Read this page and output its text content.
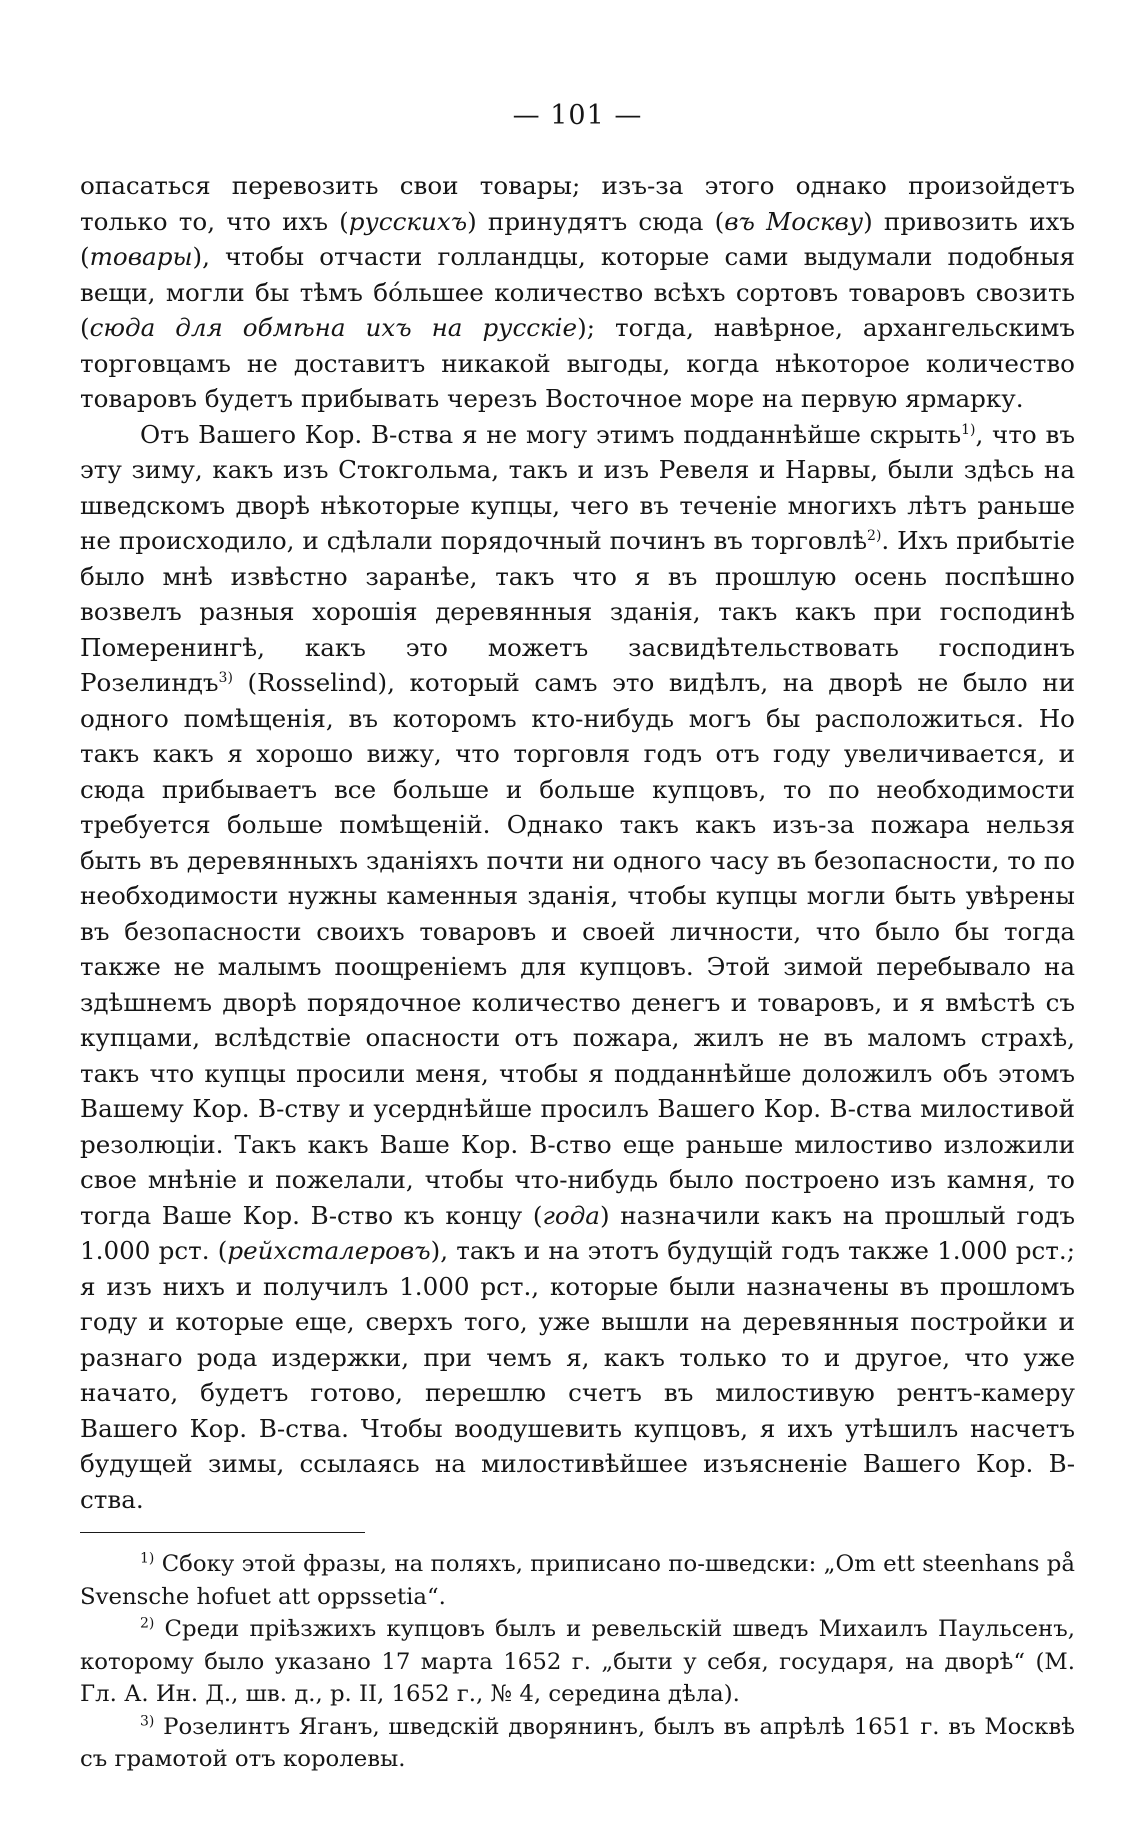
— 101 —

опасаться перевозить свои товары; изъ-за этого однако произойдетъ только то, что ихъ (русскихъ) принудятъ сюда (въ Москву) привозить ихъ (товары), чтобы отчасти голландцы, которые сами выдумали подобныя вещи, могли бы тѣмъ бóльшее количество всѣхъ сортовъ товаровъ свозить (сюда для обмѣна ихъ на русскіе); тогда, навѣрное, архангельскимъ торговцамъ не доставитъ никакой выгоды, когда нѣкоторое количество товаровъ будетъ прибывать черезъ Восточное море на первую ярмарку.

Отъ Вашего Кор. В-ства я не могу этимъ подданнѣйше скрыть$^{1)}$, что въ эту зиму, какъ изъ Стокгольма, такъ и изъ Ревеля и Нарвы, были здѣсь на шведскомъ дворѣ нѣкоторые купцы, чего въ теченіе многихъ лѣтъ раньше не происходило, и сдѣлали порядочный починъ въ торговлѣ$^{2)}$. Ихъ прибытіе было мнѣ извѣстно заранѣе, такъ что я въ прошлую осень поспѣшно возвелъ разныя хорошія деревянныя зданія, такъ какъ при господинѣ Померенингѣ, какъ это можетъ засвидѣтельствовать господинъ Розелиндъ$^{3)}$ (Rosselind), который самъ это видѣлъ, на дворѣ не было ни одного помѣщенія, въ которомъ кто-нибудь могъ бы расположиться. Но такъ какъ я хорошо вижу, что торговля годъ отъ году увеличивается, и сюда прибываетъ все больше и больше купцовъ, то по необходимости требуется больше помѣщеній. Однако такъ какъ изъ-за пожара нельзя быть въ деревянныхъ зданіяхъ почти ни одного часу въ безопасности, то по необходимости нужны каменныя зданія, чтобы купцы могли быть увѣрены въ безопасности своихъ товаровъ и своей личности, что было бы тогда также не малымъ поощреніемъ для купцовъ. Этой зимой перебывало на здѣшнемъ дворѣ порядочное количество денегъ и товаровъ, и я вмѣстѣ съ купцами, вслѣдствіе опасности отъ пожара, жилъ не въ маломъ страхѣ, такъ что купцы просили меня, чтобы я подданнѣйше доложилъ объ этомъ Вашему Кор. В-ству и усерднѣйше просилъ Вашего Кор. В-ства милостивой резолюціи. Такъ какъ Ваше Кор. В-ство еще раньше милостиво изложили свое мнѣніе и пожелали, чтобы что-нибудь было построено изъ камня, то тогда Ваше Кор. В-ство къ концу (года) назначили какъ на прошлый годъ 1.000 рст. (рейхсталеровъ), такъ и на этотъ будущій годъ также 1.000 рст.; я изъ нихъ и получилъ 1.000 рст., которые были назначены въ прошломъ году и которые еще, сверхъ того, уже вышли на деревянныя постройки и разнаго рода издержки, при чемъ я, какъ только то и другое, что уже начато, будетъ готово, перешлю счетъ въ милостивую рентъ-камеру Вашего Кор. В-ства. Чтобы воодушевить купцовъ, я ихъ утѣшилъ насчетъ будущей зимы, ссылаясь на милостивѣйшее изъясненіе Вашего Кор. В-ства.

$^{1)}$ Сбоку этой фразы, на поляхъ, приписано по-шведски: „Om ett steenhans på Svensche hofuet att oppssetia“.

$^{2)}$ Среди пріѣзжихъ купцовъ былъ и ревельскій шведъ Михаилъ Паульсенъ, которому было указано 17 марта 1652 г. „быти у себя, государя, на дворѣ“ (М. Гл. А. Ин. Д., шв. д., р. II, 1652 г., № 4, середина дѣла).

$^{3)}$ Розелинтъ Яганъ, шведскій дворянинъ, былъ въ апрѣлѣ 1651 г. въ Москвѣ съ грамотой отъ королевы.
